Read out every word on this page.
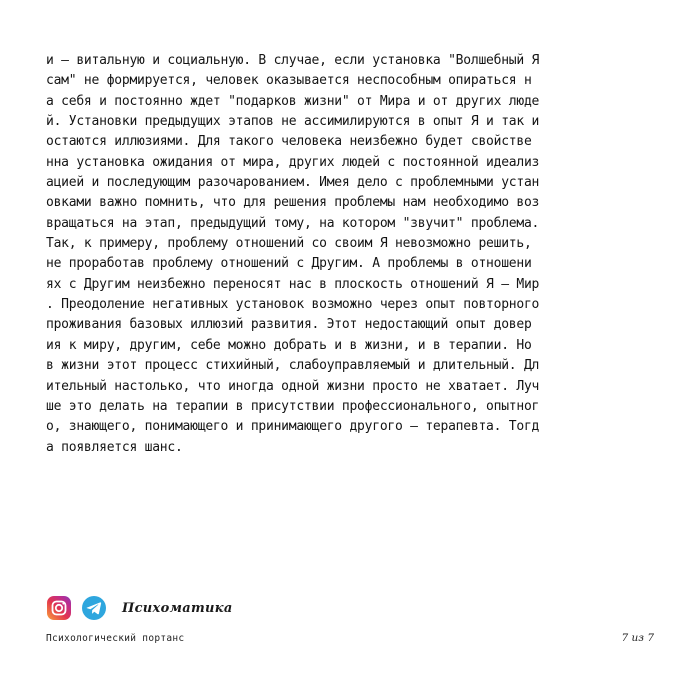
и – витальную и социальную. В случае, если установка "Волшебный Я
сам" не формируется, человек оказывается неспособным опираться н
а себя и постоянно ждет "подарков жизни" от Мира и от других люде
й. Установки предыдущих этапов не ассимилируются в опыт Я и так и
остаются иллюзиями. Для такого человека неизбежно будет свойстве
нна установка ожидания от мира, других людей с постоянной идеализ
ацией и последующим разочарованием. Имея дело с проблемными устан
овками важно помнить, что для решения проблемы нам необходимо воз
вращаться на этап, предыдущий тому, на котором "звучит" проблема.
Так, к примеру, проблему отношений со своим Я невозможно решить,
не проработав проблему отношений с Другим. А проблемы в отношени
ях с Другим неизбежно переносят нас в плоскость отношений Я – Мир
. Преодоление негативных установок возможно через опыт повторного
проживания базовых иллюзий развития. Этот недостающий опыт довер
ия к миру, другим, себе можно добрать и в жизни, и в терапии. Но
в жизни этот процесс стихийный, слабоуправляемый и длительный. Дл
ительный настолько, что иногда одной жизни просто не хватает. Луч
ше это делать на терапии в присутствии профессионального, опытног
о, знающего, понимающего и принимающего другого – терапевта. Тогд
а появляется шанс.
Психоматика
Психологический портанс	7 из 7
